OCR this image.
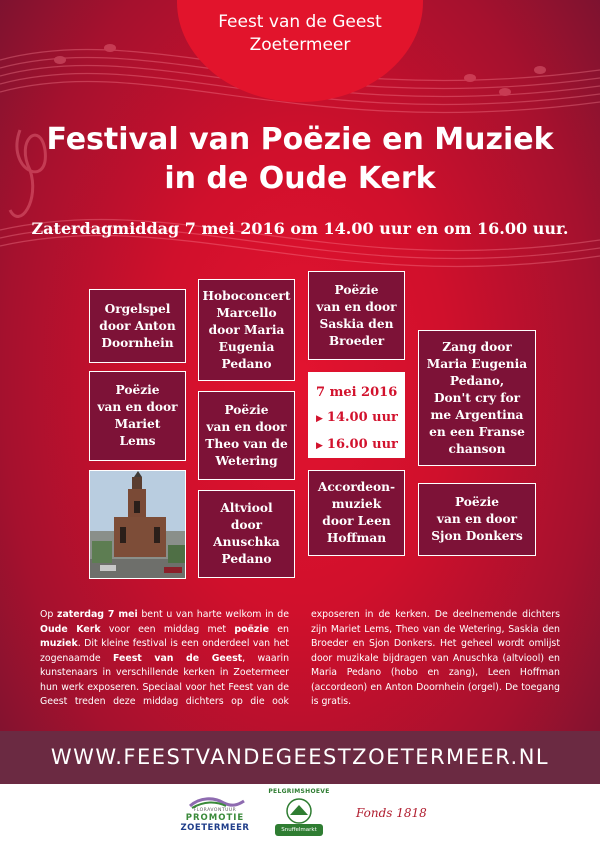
Feest van de Geest
Zoetermeer
Festival van Poëzie en Muziek
in de Oude Kerk
Zaterdagmiddag 7 mei 2016 om 14.00 uur en om 16.00 uur.
Orgelspel
door Anton
Doornhein
Hoboconcert
Marcello
door Maria
Eugenia
Pedano
Poëzie
van en door
Saskia den
Broeder	Zang door
Maria Eugenia
Pedano,
Don't cry for
me Argentina
en een Franse
chanson
Poëzie
van en door
Mariet
Lems
Poëzie
van en door
Theo van de
Wetering
7 mei 2016
▶ 14.00 uur
▶ 16.00 uur
Accordeon-
muziek
door Leen
Hoffman
Poëzie
van en door
Sjon Donkers
Altviool
door
Anuschka
Pedano
Op zaterdag 7 mei bent u van harte welkom in de Oude Kerk voor een middag met poëzie en muziek. Dit kleine festival is een onderdeel van het zogenaamde Feest van de Geest, waarin kunstenaars in verschillende kerken in Zoetermeer hun werk exposeren. Speciaal voor het Feest van de Geest treden deze middag dichters op die ook exposeren in de kerken. De deelnemende dichters zijn Mariet Lems, Theo van de Wetering, Saskia den Broeder en Sjon Donkers. Het geheel wordt omlijst door muzikale bijdragen van Anuschka (altviool) en Maria Pedano (hobo en zang), Leen Hoffman (accordeon) en Anton Doornhein (orgel). De toegang is gratis.
WWW.FEESTVANDEGEESTZOETERMEER.NL
FLORAVONTUUR
PROMOTIE
ZOETERMEER
PELGRIMSHOEVE
Snuffelmarkt
Fonds 1818
